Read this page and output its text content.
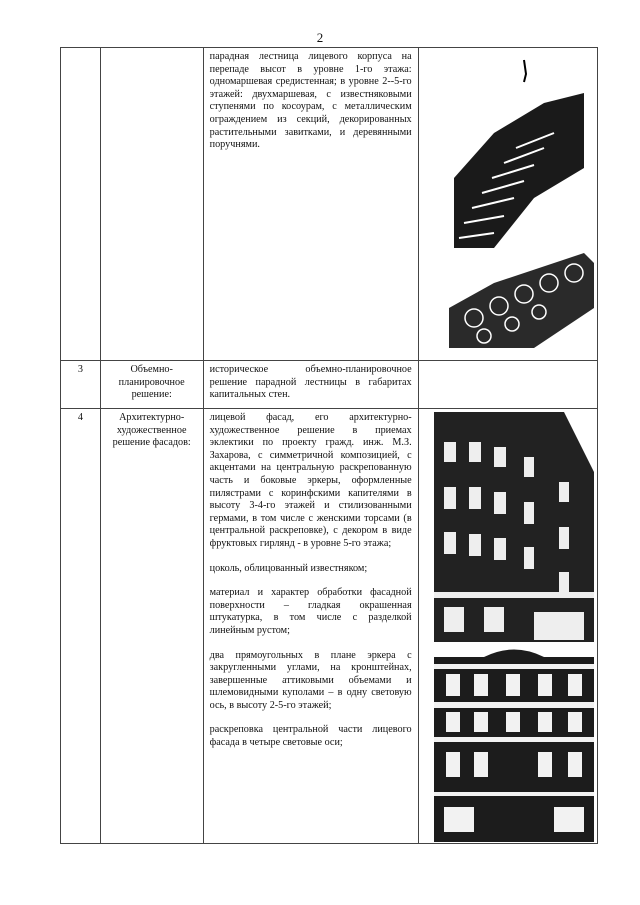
2

		парадная лестница лицевого корпуса на перепаде высот в уровне 1-го этажа: одномаршевая средистенная; в уровне 2--5-го этажей: двухмаршевая, с известняковыми ступенями по косоурам, с металлическим ограждением из секций, декорированных растительными завитками, и деревянными поручнями.

3	Объемно-планировочное решение:	историческое объемно-планировочное решение парадной лестницы в габаритах капитальных стен.	

4	Архитектурно-художественное решение фасадов:	лицевой фасад, его архитектурно-художественное решение в приемах эклектики по проекту гражд. инж. М.З. Захарова, с симметричной композицией, с акцентами на центральную раскрепованную часть и боковые эркеры, оформленные пилястрами с коринфскими капителями в высоту 3-4-го этажей и стилизованными гермами, в том числе с женскими торсами (в центральной раскреповке), с декором в виде фруктовых гирлянд - в уровне 5-го этажа;

цоколь, облицованный известняком;

материал и характер обработки фасадной поверхности – гладкая окрашенная штукатурка, в том числе с разделкой линейным рустом;

два прямоугольных в плане эркера с закругленными углами, на кронштейнах, завершенные аттиковыми объемами и шлемовидными куполами – в одну световую ось, в высоту 2-5-го этажей;

раскреповка центральной части лицевого фасада в четыре световые оси;
